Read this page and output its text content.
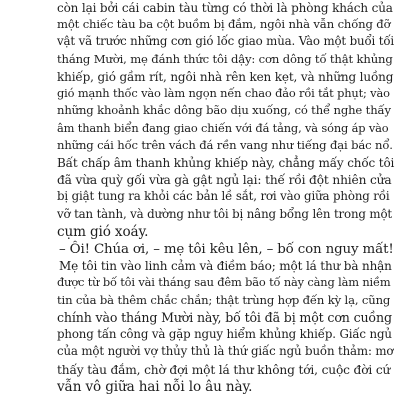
còn lại bởi cái cabin tàu từng có thời là phòng khách của
một chiếc tàu ba cột buồm bị đắm, ngôi nhà vẫn chống đỡ
vật vã trước những cơn gió lốc giao mùa. Vào một buổi tối
tháng Mười, mẹ đánh thức tôi dậy: cơn dông tố thật khủng
khiếp, gió gầm rít, ngôi nhà rên ken kẹt, và những luồng
gió mạnh thốc vào làm ngọn nến chao đảo rồi tắt phụt; vào
những khoảnh khắc dông bão dịu xuống, có thể nghe thấy
âm thanh biển đang giao chiến với đá tảng, và sóng áp vào
những cái hốc trên vách đá rền vang như tiếng đại bác nổ.
Bất chấp âm thanh khủng khiếp này, chẳng mấy chốc tôi
đã vừa quỳ gối vừa gà gật ngủ lại: thế rồi đột nhiên cửa
bị giật tung ra khỏi các bản lề sắt, rơi vào giữa phòng rồi
vỡ tan tành, và dường như tôi bị nâng bổng lên trong một
cụm gió xoáy.
– Ôi! Chúa ơi, – mẹ tôi kêu lên, – bố con nguy mất!
Mẹ tôi tin vào linh cảm và điềm báo; một lá thư bà nhận
được từ bố tôi vài tháng sau đêm bão tố này càng làm niềm
tin của bà thêm chắc chắn; thật trùng hợp đến kỳ lạ, cũng
chính vào tháng Mười này, bố tôi đã bị một cơn cuồng
phong tấn công và gặp nguy hiểm khủng khiếp. Giấc ngủ
của một người vợ thủy thủ là thứ giấc ngủ buồn thảm: mơ
thấy tàu đắm, chờ đợi một lá thư không tới, cuộc đời cứ
vẫn vô giữa hai nỗi lo âu này.
